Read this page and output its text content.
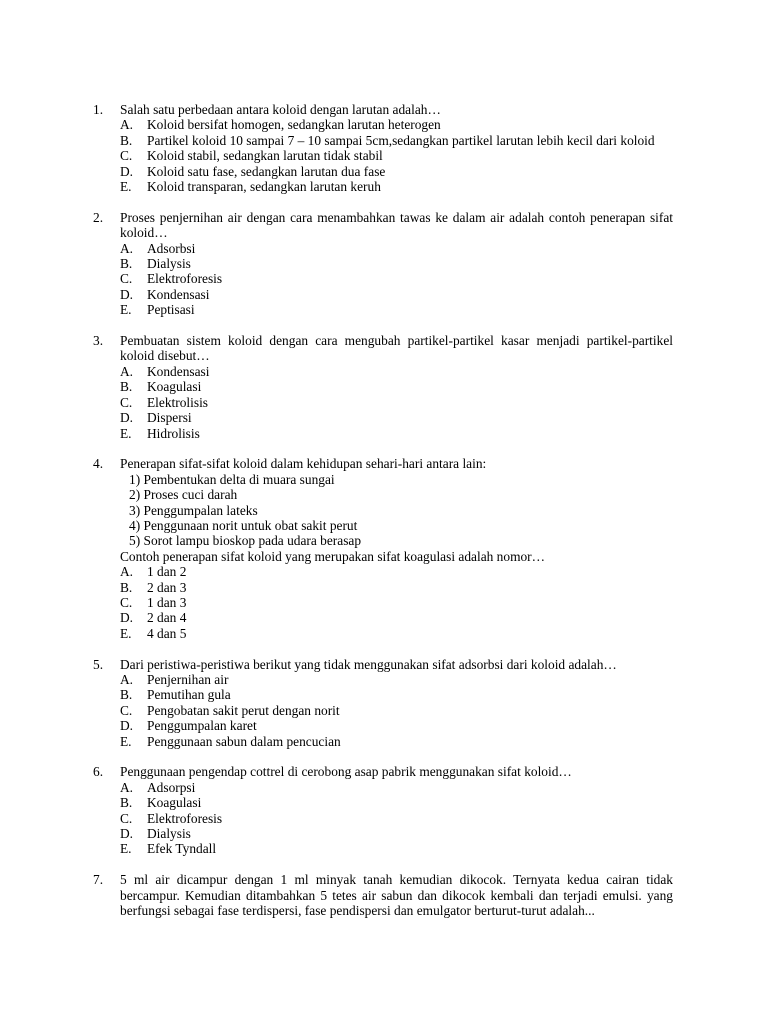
1.	Salah satu perbedaan antara koloid dengan larutan adalah…
A.	Koloid bersifat homogen, sedangkan larutan heterogen
B.	Partikel koloid 10 sampai 7 – 10 sampai 5cm,sedangkan partikel larutan lebih kecil dari koloid
C.	Koloid stabil, sedangkan larutan tidak stabil
D.	Koloid satu fase, sedangkan larutan dua fase
E.	Koloid transparan, sedangkan larutan keruh
2.	Proses penjernihan air dengan cara menambahkan tawas ke dalam air adalah contoh penerapan sifat koloid…
A.	Adsorbsi
B.	Dialysis
C.	Elektroforesis
D.	Kondensasi
E.	Peptisasi
3.	Pembuatan sistem koloid dengan cara mengubah partikel-partikel kasar menjadi partikel-partikel koloid disebut…
A.	Kondensasi
B.	Koagulasi
C.	Elektrolisis
D.	Dispersi
E.	Hidrolisis
4.	Penerapan sifat-sifat koloid dalam kehidupan sehari-hari antara lain:
1) Pembentukan delta di muara sungai
2) Proses cuci darah
3) Penggumpalan lateks
4) Penggunaan norit untuk obat sakit perut
5) Sorot lampu bioskop pada udara berasap
Contoh penerapan sifat koloid yang merupakan sifat koagulasi adalah nomor…
A.	1 dan 2
B.	2 dan 3
C.	1 dan 3
D.	2 dan 4
E.	4 dan 5
5.	Dari peristiwa-peristiwa berikut yang tidak menggunakan sifat adsorbsi dari koloid adalah…
A.	Penjernihan air
B.	Pemutihan gula
C.	Pengobatan sakit perut dengan norit
D.	Penggumpalan karet
E.	Penggunaan sabun dalam pencucian
6.	Penggunaan pengendap cottrel di cerobong asap pabrik menggunakan sifat koloid…
A.	Adsorpsi
B.	Koagulasi
C.	Elektroforesis
D.	Dialysis
E.	Efek Tyndall
7.	5 ml air dicampur dengan 1 ml minyak tanah kemudian dikocok. Ternyata kedua cairan tidak bercampur. Kemudian ditambahkan 5 tetes air sabun dan dikocok kembali dan terjadi emulsi. yang berfungsi sebagai fase terdispersi, fase pendispersi dan emulgator berturut-turut adalah...
